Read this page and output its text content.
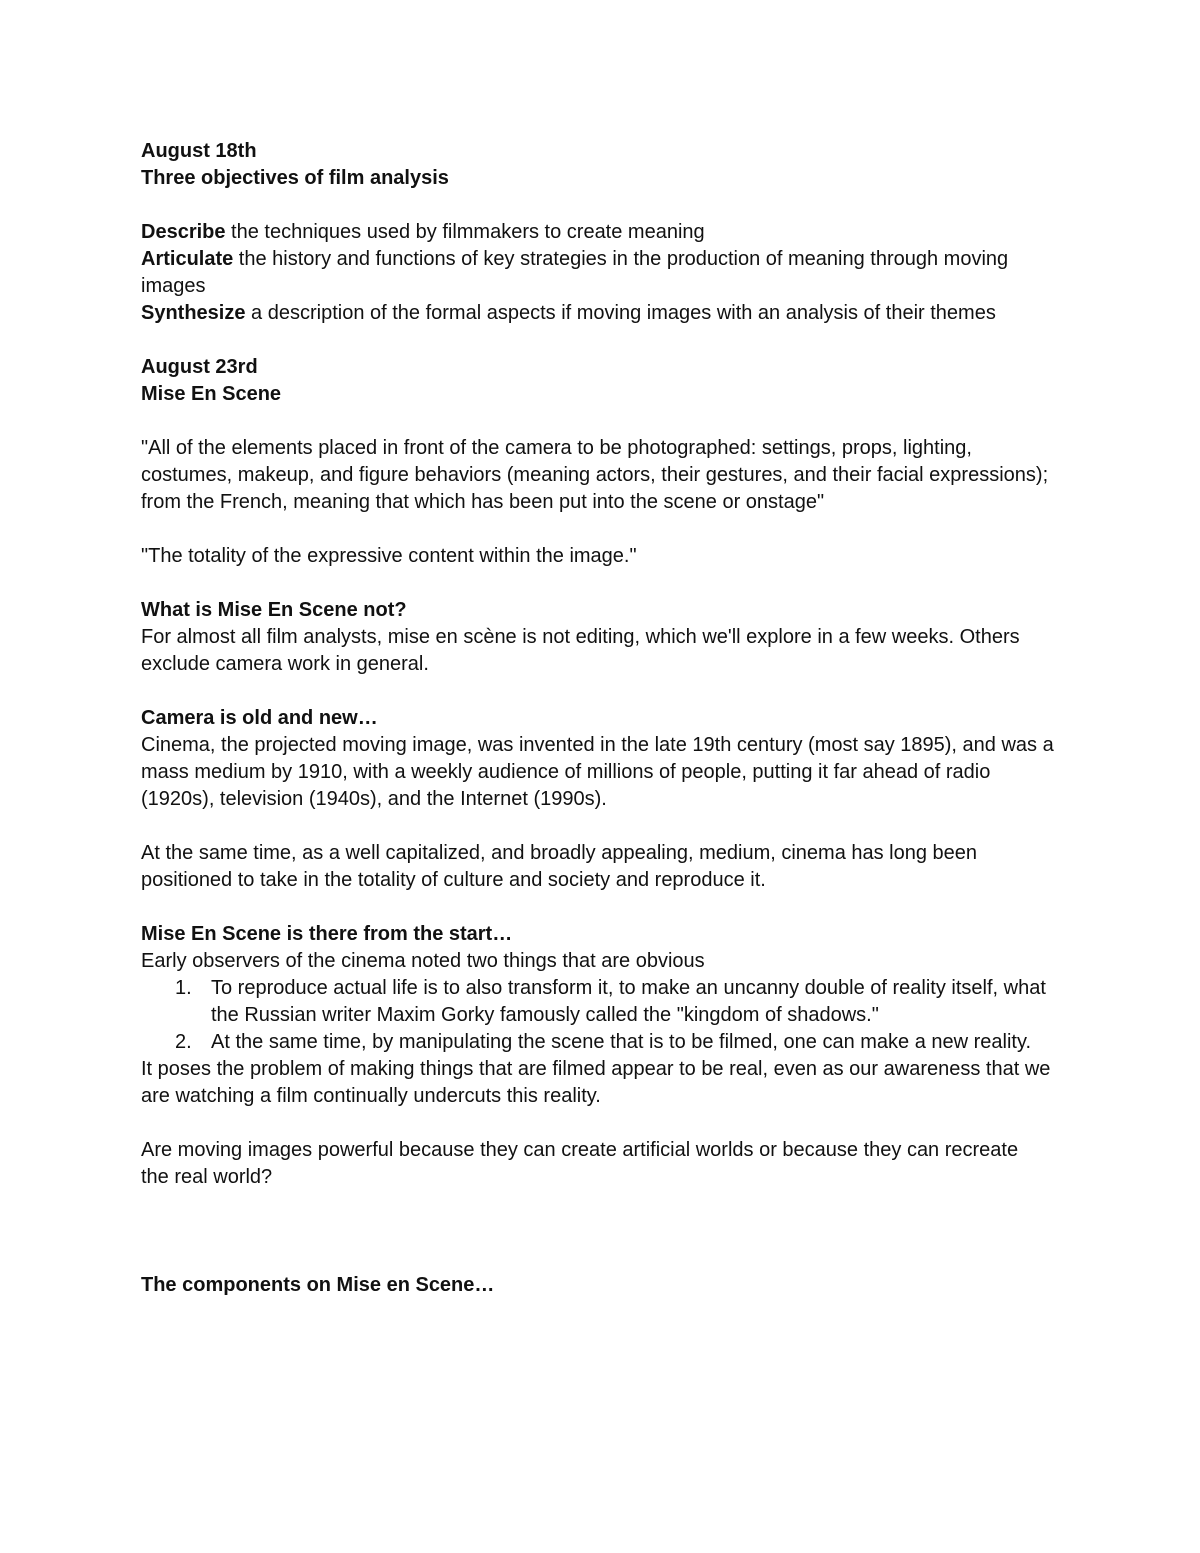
August 18th

Three objectives of film analysis

Describe the techniques used by filmmakers to create meaning

Articulate the history and functions of key strategies in the production of meaning through moving images

Synthesize a description of the formal aspects if moving images with an analysis of their themes

August 23rd

Mise En Scene

"All of the elements placed in front of the camera to be photographed: settings, props, lighting, costumes, makeup, and figure behaviors (meaning actors, their gestures, and their facial expressions); from the French, meaning that which has been put into the scene or onstage"

"The totality of the expressive content within the image."

What is Mise En Scene not?

For almost all film analysts, mise en scène is not editing, which we'll explore in a few weeks. Others exclude camera work in general.

Camera is old and new…

Cinema, the projected moving image, was invented in the late 19th century (most say 1895), and was a mass medium by 1910, with a weekly audience of millions of people, putting it far ahead of radio (1920s), television (1940s), and the Internet (1990s).

At the same time, as a well capitalized, and broadly appealing, medium, cinema has long been positioned to take in the totality of culture and society and reproduce it.

Mise En Scene is there from the start…

Early observers of the cinema noted two things that are obvious

1. To reproduce actual life is to also transform it, to make an uncanny double of reality itself, what the Russian writer Maxim Gorky famously called the "kingdom of shadows."
2. At the same time, by manipulating the scene that is to be filmed, one can make a new reality.

It poses the problem of making things that are filmed appear to be real, even as our awareness that we are watching a film continually undercuts this reality.

Are moving images powerful because they can create artificial worlds or because they can recreate the real world?

The components on Mise en Scene…
